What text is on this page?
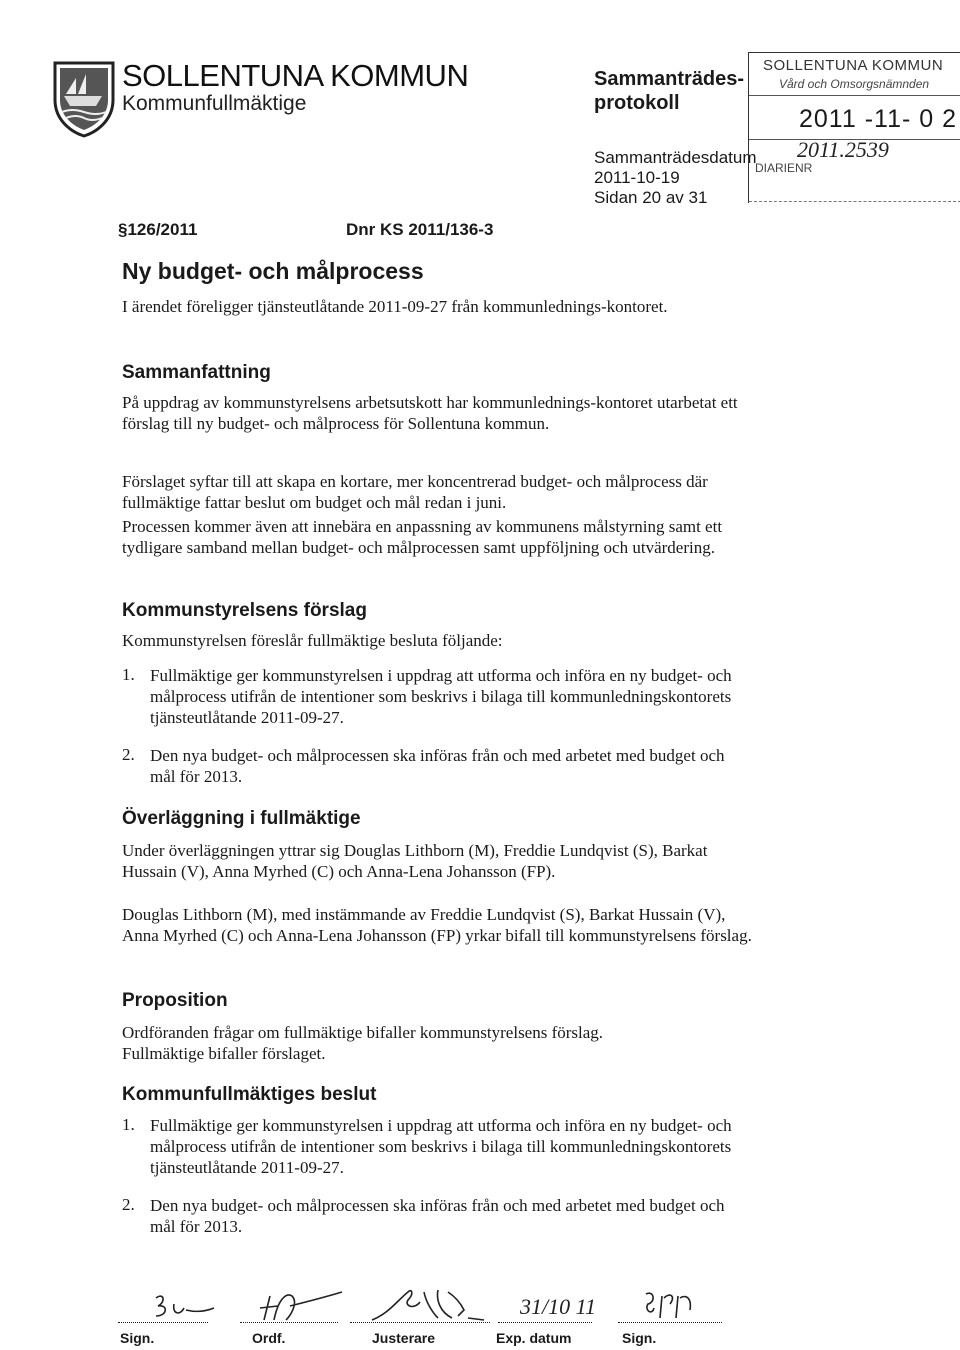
SOLLENTUNA KOMMUN
Kommunfullmäktige
Sammanträdes-
protokoll
Sammanträdesdatum
2011-10-19
Sidan 20 av 31
SOLLENTUNA KOMMUN
Vård och Omsorgsnämnden
2011 -11- 0 2
2011.2539
DIARIENR
§126/2011	Dnr KS 2011/136-3
Ny budget- och målprocess
I ärendet föreligger tjänsteutlåtande 2011-09-27 från kommunlednings-kontoret.
Sammanfattning
På uppdrag av kommunstyrelsens arbetsutskott har kommunlednings-kontoret utarbetat ett förslag till ny budget- och målprocess för Sollentuna kommun.
Förslaget syftar till att skapa en kortare, mer koncentrerad budget- och målprocess där fullmäktige fattar beslut om budget och mål redan i juni.
Processen kommer även att innebära en anpassning av kommunens målstyrning samt ett tydligare samband mellan budget- och målprocessen samt uppföljning och utvärdering.
Kommunstyrelsens förslag
Kommunstyrelsen föreslår fullmäktige besluta följande:
1. Fullmäktige ger kommunstyrelsen i uppdrag att utforma och införa en ny budget- och målprocess utifrån de intentioner som beskrivs i bilaga till kommunledningskontorets tjänsteutlåtande 2011-09-27.
2. Den nya budget- och målprocessen ska införas från och med arbetet med budget och mål för 2013.
Överläggning i fullmäktige
Under överläggningen yttrar sig Douglas Lithborn (M), Freddie Lundqvist (S), Barkat Hussain (V), Anna Myrhed (C) och Anna-Lena Johansson (FP).
Douglas Lithborn (M), med instämmande av Freddie Lundqvist (S), Barkat Hussain (V), Anna Myrhed (C) och Anna-Lena Johansson (FP) yrkar bifall till kommunstyrelsens förslag.
Proposition
Ordföranden frågar om fullmäktige bifaller kommunstyrelsens förslag.
Fullmäktige bifaller förslaget.
Kommunfullmäktiges beslut
1. Fullmäktige ger kommunstyrelsen i uppdrag att utforma och införa en ny budget- och målprocess utifrån de intentioner som beskrivs i bilaga till kommunledningskontorets tjänsteutlåtande 2011-09-27.
2. Den nya budget- och målprocessen ska införas från och med arbetet med budget och mål för 2013.
Sign.	Ordf.	Justerare	Exp. datum	Sign.
31/10 11
